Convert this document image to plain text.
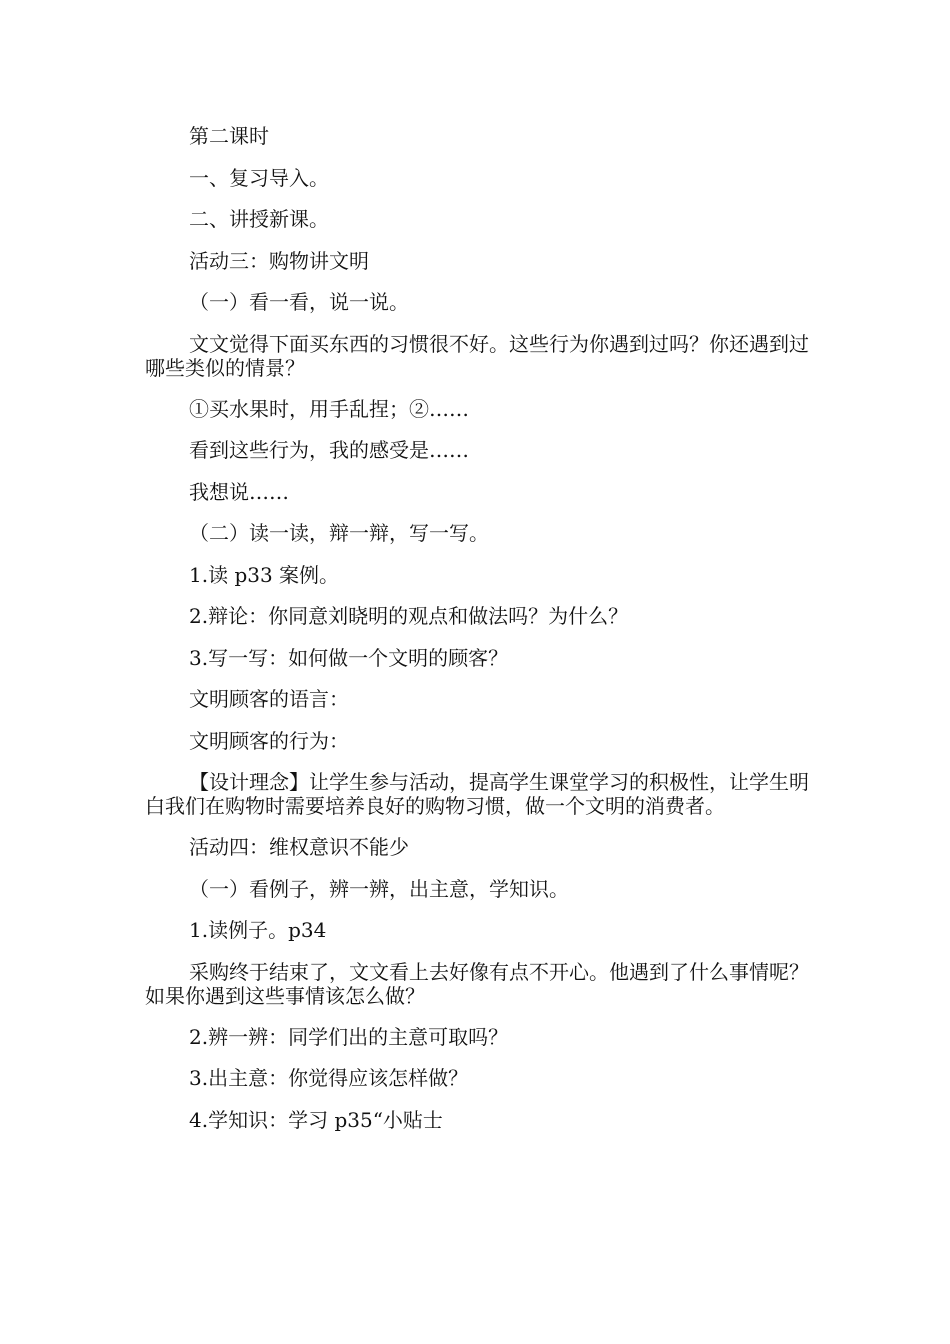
第二课时

一、复习导入。

二、讲授新课。

活动三：购物讲文明

（一）看一看，说一说。

文文觉得下面买东西的习惯很不好。这些行为你遇到过吗？你还遇到过哪些类似的情景？

①买水果时，用手乱捏；②……

看到这些行为，我的感受是……

我想说……

（二）读一读，辩一辩，写一写。

1.读 p33 案例。

2.辩论：你同意刘晓明的观点和做法吗？为什么？

3.写一写：如何做一个文明的顾客？

文明顾客的语言：

文明顾客的行为：

【设计理念】让学生参与活动，提高学生课堂学习的积极性，让学生明白我们在购物时需要培养良好的购物习惯，做一个文明的消费者。

活动四：维权意识不能少

（一）看例子，辨一辨，出主意，学知识。

1.读例子。p34

采购终于结束了，文文看上去好像有点不开心。他遇到了什么事情呢？如果你遇到这些事情该怎么做？

2.辨一辨：同学们出的主意可取吗？

3.出主意：你觉得应该怎样做？

4.学知识：学习 p35“小贴士
